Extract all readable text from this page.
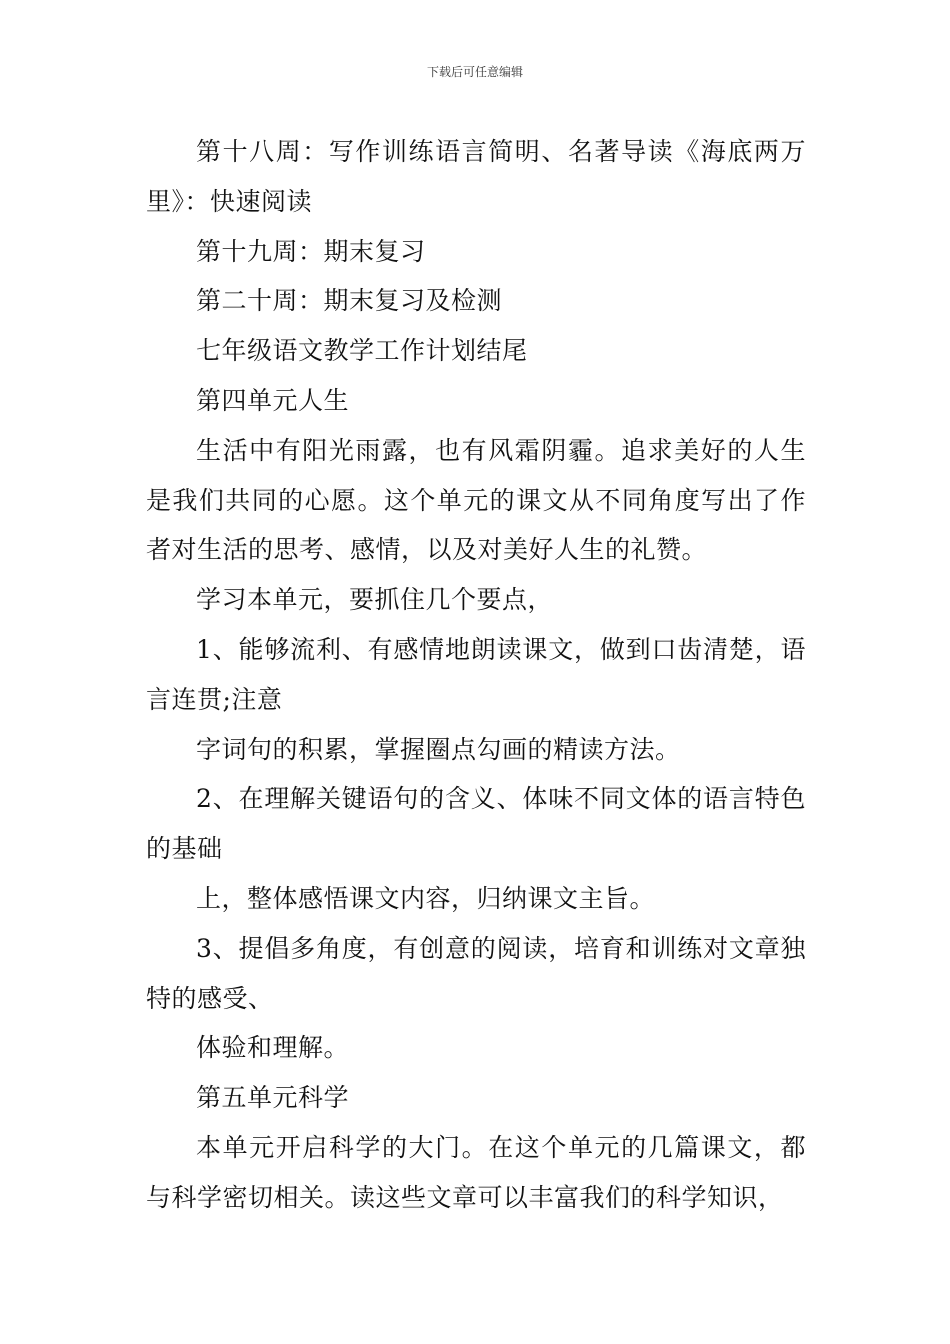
下载后可任意编辑

第十八周：写作训练语言简明、名著导读《海底两万里》：快速阅读

第十九周：期末复习

第二十周：期末复习及检测

七年级语文教学工作计划结尾

第四单元人生

生活中有阳光雨露，也有风霜阴霾。追求美好的人生是我们共同的心愿。这个单元的课文从不同角度写出了作者对生活的思考、感情，以及对美好人生的礼赞。

学习本单元，要抓住几个要点，

1、能够流利、有感情地朗读课文，做到口齿清楚，语言连贯;注意

字词句的积累，掌握圈点勾画的精读方法。

2、在理解关键语句的含义、体味不同文体的语言特色的基础

上，整体感悟课文内容，归纳课文主旨。

3、提倡多角度，有创意的阅读，培育和训练对文章独特的感受、

体验和理解。

第五单元科学

本单元开启科学的大门。在这个单元的几篇课文，都与科学密切相关。读这些文章可以丰富我们的科学知识，
